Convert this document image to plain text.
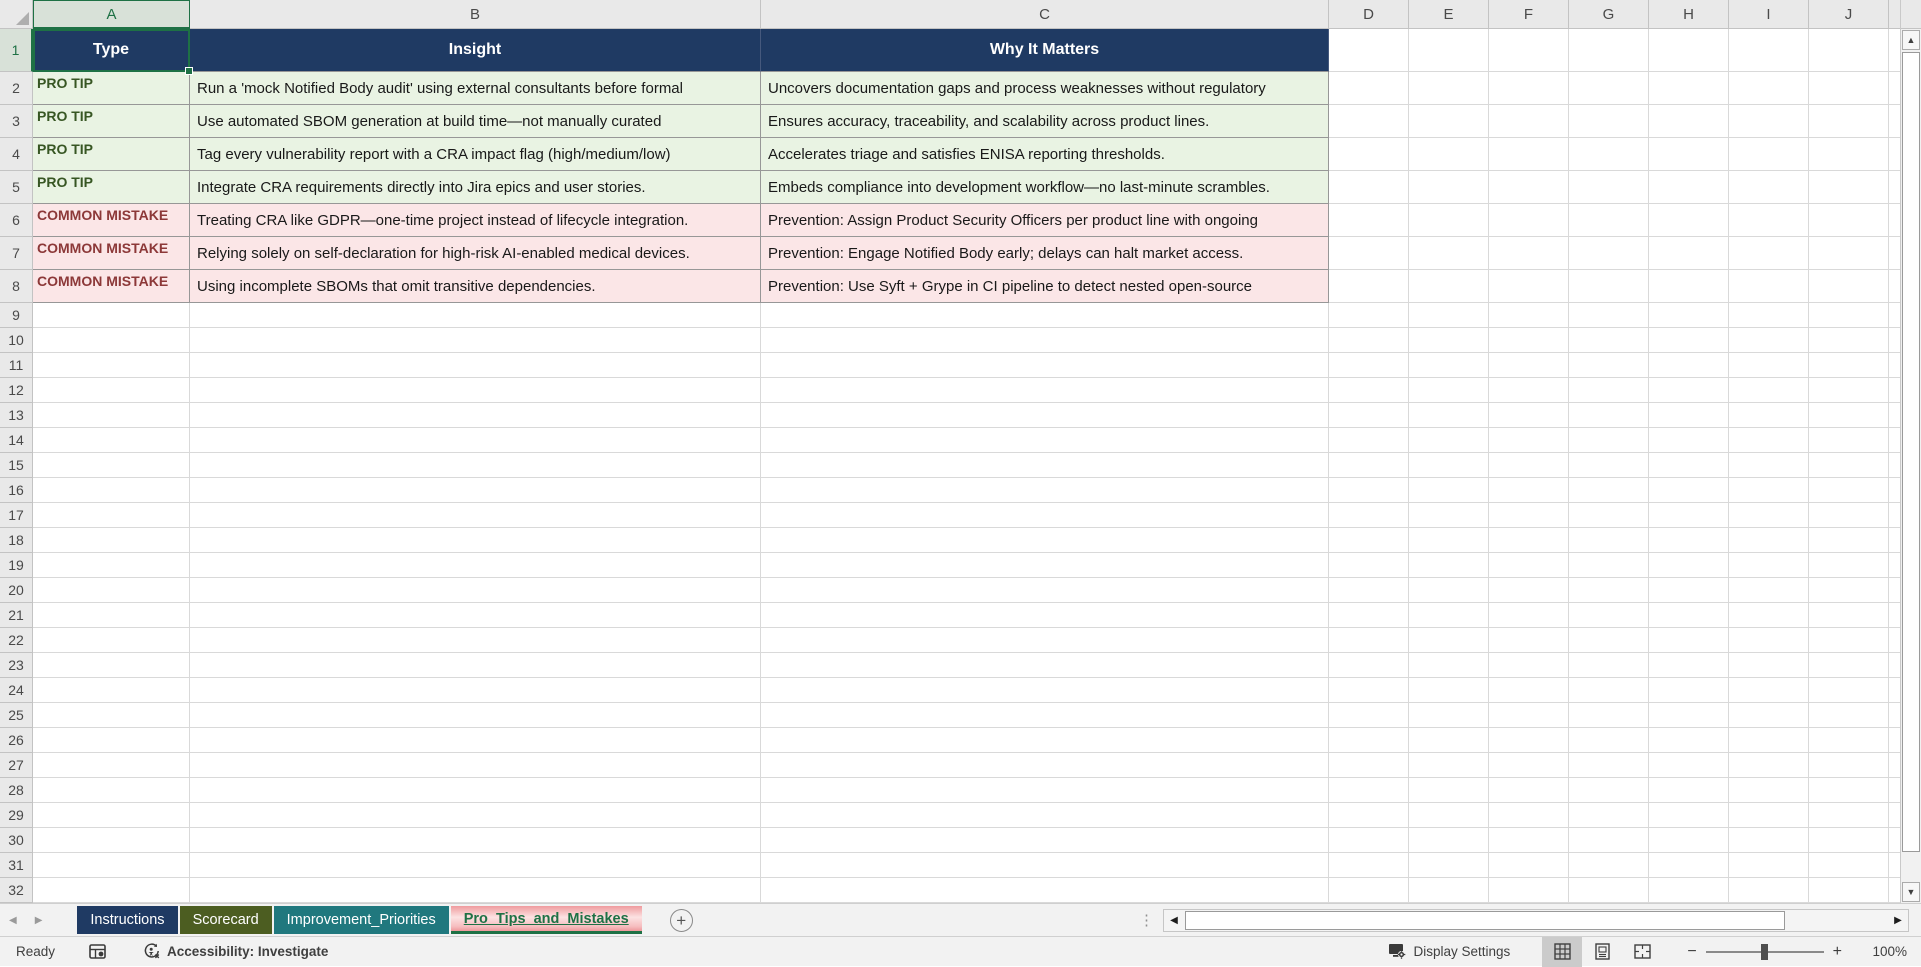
A	B	C	D	E	F	G	H	I	J
1	Type	Insight	Why It Matters
2	PRO TIP	Run a 'mock Notified Body audit' using external consultants before formal	Uncovers documentation gaps and process weaknesses without regulatory
3	PRO TIP	Use automated SBOM generation at build time—not manually curated	Ensures accuracy, traceability, and scalability across product lines.
4	PRO TIP	Tag every vulnerability report with a CRA impact flag (high/medium/low)	Accelerates triage and satisfies ENISA reporting thresholds.
5	PRO TIP	Integrate CRA requirements directly into Jira epics and user stories.	Embeds compliance into development workflow—no last-minute scrambles.
6	COMMON MISTAKE	Treating CRA like GDPR—one-time project instead of lifecycle integration.	Prevention: Assign Product Security Officers per product line with ongoing
7	COMMON MISTAKE	Relying solely on self-declaration for high-risk AI-enabled medical devices.	Prevention: Engage Notified Body early; delays can halt market access.
8	COMMON MISTAKE	Using incomplete SBOMs that omit transitive dependencies.	Prevention: Use Syft + Grype in CI pipeline to detect nested open-source
9
10
11
12
13
14
15
16
17
18
19
20
21
22
23
24
25
26
27
28
29
30
31
32
▲
▼
◀	▶	Instructions	Scorecard	Improvement_Priorities	Pro_Tips_and_Mistakes	+	⋮	◀	▶
Ready	Accessibility: Investigate	Display Settings	−	+	100%
